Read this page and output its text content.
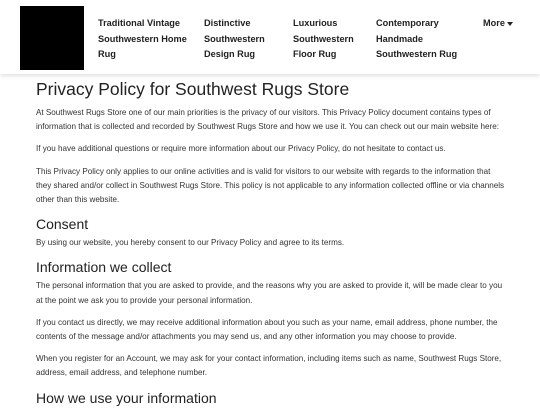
Traditional Vintage
Southwestern Home
Rug
Distinctive
Southwestern
Design Rug
Luxurious
Southwestern
Floor Rug
Contemporary
Handmade
Southwestern Rug
More
Privacy Policy for Southwest Rugs Store

At Southwest Rugs Store one of our main priorities is the privacy of our visitors. This Privacy Policy document contains types of information that is collected and recorded by Southwest Rugs Store and how we use it. You can check out our main website here:

If you have additional questions or require more information about our Privacy Policy, do not hesitate to contact us.

This Privacy Policy only applies to our online activities and is valid for visitors to our website with regards to the information that they shared and/or collect in Southwest Rugs Store. This policy is not applicable to any information collected offline or via channels other than this website.

Consent

By using our website, you hereby consent to our Privacy Policy and agree to its terms.

Information we collect

The personal information that you are asked to provide, and the reasons why you are asked to provide it, will be made clear to you at the point we ask you to provide your personal information.

If you contact us directly, we may receive additional information about you such as your name, email address, phone number, the contents of the message and/or attachments you may send us, and any other information you may choose to provide.

When you register for an Account, we may ask for your contact information, including items such as name, Southwest Rugs Store, address, email address, and telephone number.

How we use your information
